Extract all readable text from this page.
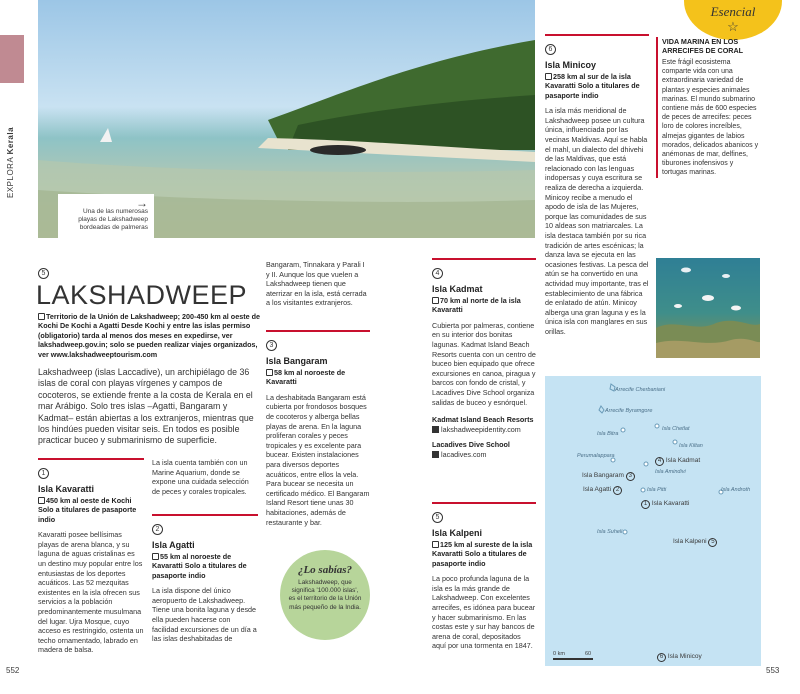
EXPLORA Kerala
→
Una de las numerosas playas de Lakshadweep bordeadas de palmeras
Esencial
☆
5
LAKSHADWEEP
Territorio de la Unión de Lakshadweep; 200-450 km al oeste de Kochi De Kochi a Agatti Desde Kochi y entre las islas permiso (obligatorio) tarda al menos dos meses en expedirse, ver lakshadweep.gov.in; solo se pueden realizar viajes organizados, ver www.lakshadweeptourism.com
Lakshadweep (islas Laccadive), un archipiélago de 36 islas de coral con playas vírgenes y campos de cocoteros, se extiende frente a la costa de Kerala en el mar Arábigo. Solo tres islas –Agatti, Bangaram y Kadmat– están abiertas a los extranjeros, mientras que los hindúes pueden visitar seis. En todos es posible practicar buceo y submarinismo de superficie.
1
Isla Kavaratti
450 km al oeste de Kochi Solo a titulares de pasaporte indio
Kavaratti posee bellísimas playas de arena blanca, y su laguna de aguas cristalinas es un destino muy popular entre los entusiastas de los deportes acuáticos. Las 52 mezquitas existentes en la isla ofrecen sus servicios a la población predominantemente musulmana del lugar. Ujra Mosque, cuyo acceso es restringido, ostenta un techo ornamentado, labrado en madera de balsa.
La isla cuenta también con un Marine Aquarium, donde se expone una cuidada selección de peces y corales tropicales.
2
Isla Agatti
55 km al noroeste de Kavaratti Solo a titulares de pasaporte indio
La isla dispone del único aeropuerto de Lakshadweep. Tiene una bonita laguna y desde ella pueden hacerse con facilidad excursiones de un día a las islas deshabitadas de
Bangaram, Tinnakara y Parali I y II. Aunque los que vuelen a Lakshadweep tienen que aterrizar en la isla, está cerrada a los visitantes extranjeros.
3
Isla Bangaram
58 km al noroeste de Kavaratti
La deshabitada Bangaram está cubierta por frondosos bosques de cocoteros y alberga bellas playas de arena. En la laguna proliferan corales y peces tropicales y es excelente para bucear. Existen instalaciones para diversos deportes acuáticos, entre ellos la vela. Para bucear se necesita un certificado médico. El Bangaram Island Resort tiene unas 30 habitaciones, además de restaurante y bar.
¿Lo sabías?
Lakshadweep, que significa '100.000 islas', es el territorio de la Unión más pequeño de la India.
4
Isla Kadmat
70 km al norte de la isla Kavaratti
Cubierta por palmeras, contiene en su interior dos bonitas lagunas. Kadmat Island Beach Resorts cuenta con un centro de buceo bien equipado que ofrece excursiones en canoa, piragua y barcos con fondo de cristal, y Lacadives Dive School organiza salidas de buceo y esnórquel.
Kadmat Island Beach Resorts
lakshadweepidentity.com
Lacadives Dive School
lacadives.com
5
Isla Kalpeni
125 km al sureste de la isla Kavaratti Solo a titulares de pasaporte indio
La poco profunda laguna de la isla es la más grande de Lakshadweep. Con excelentes arrecifes, es idónea para bucear y hacer submarinismo. En las costas este y sur hay bancos de arena de coral, depositados aquí por una tormenta en 1847.
6
Isla Minicoy
258 km al sur de la isla Kavaratti Solo a titulares de pasaporte indio
La isla más meridional de Lakshadweep posee un cultura única, influenciada por las vecinas Maldivas. Aquí se habla el mahl, un dialecto del dhivehi de las Maldivas, que está relacionado con las lenguas indopersas y cuya escritura se realiza de derecha a izquierda. Minicoy recibe a menudo el apodo de isla de las Mujeres, porque las comunidades de sus 10 aldeas son matriarcales. La isla destaca también por su rica tradición de artes escénicas; la danza lava se ejecuta en las ocasiones festivas. La pesca del atún se ha convertido en una actividad muy importante, tras el establecimiento de una fábrica de enlatado de atún. Minicoy alberga una gran laguna y es la única isla con manglares en sus orillas.
VIDA MARINA EN LOS ARRECIFES DE CORAL
Este frágil ecosistema comparte vida con una extraordinaria variedad de plantas y especies animales marinas. El mundo submarino contiene más de 600 especies de peces de arrecifes: peces loro de colores increíbles, almejas gigantes de labios morados, delicados abanicos y anémonas de mar, delfines, tiburones inofensivos y tortugas marinas.
Arrecife Cherbaniani
Arrecife Byramgore
Isla Bitra
Isla Chetlat
Isla Kiltan
Perumalappara
Isla Amindivi
Isla Pitti	Isla Androth
Isla Suheli
4 Isla Kadmat
Isla Bangaram 3
Isla Agatti 2
1 Isla Kavaratti
Isla Kalpeni 5
6 Isla Minicoy
0 km	60
552	553
